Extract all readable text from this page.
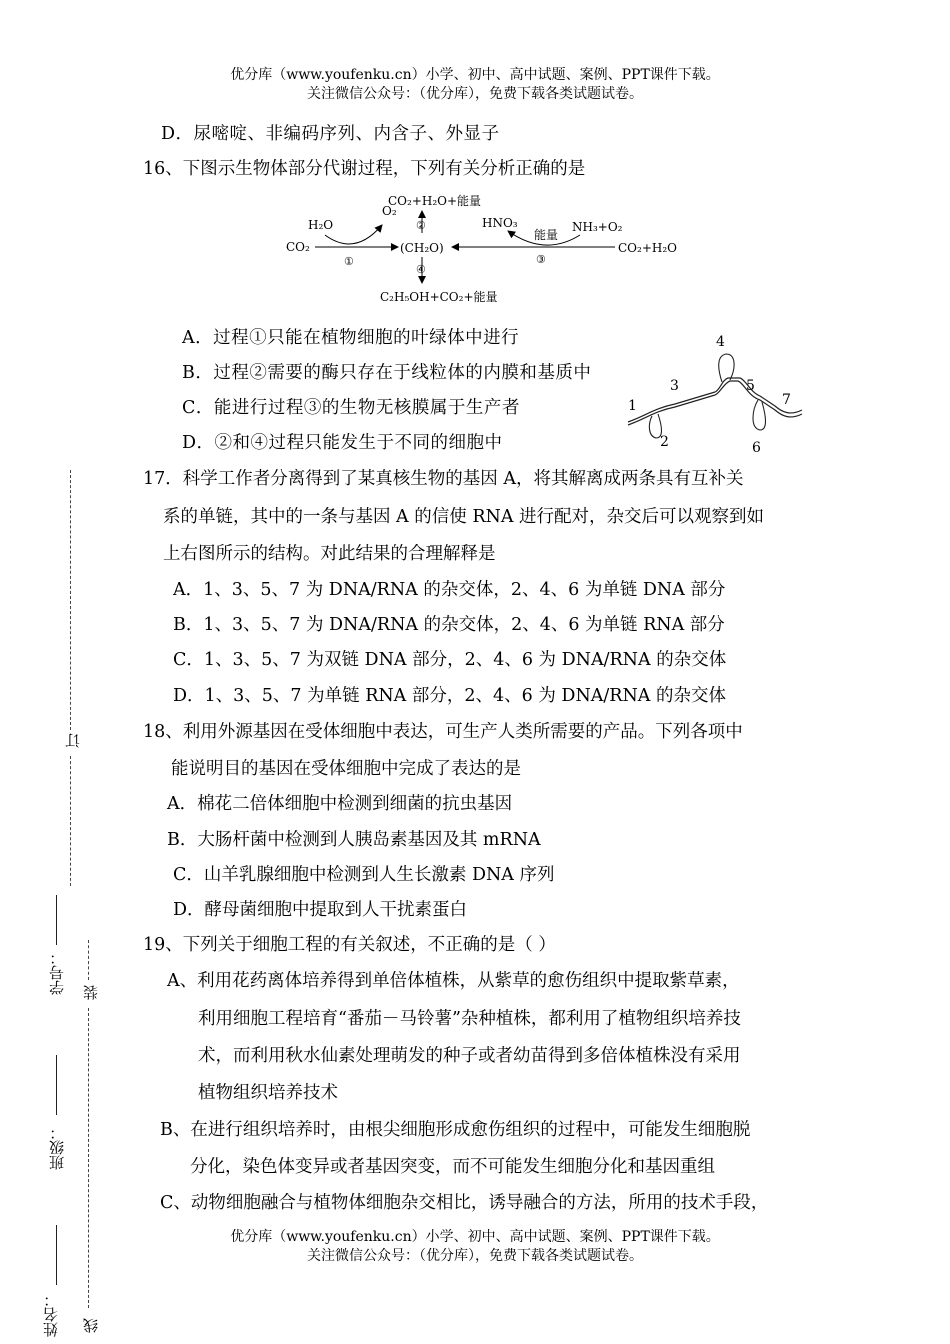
优分库（www.youfenku.cn）小学、初中、高中试题、案例、PPT课件下载。
关注微信公众号：（优分库），免费下载各类试题试卷。
D．尿嘧啶、非编码序列、内含子、外显子
16、下图示生物体部分代谢过程，下列有关分析正确的是
CO₂+H₂O+能量
②
CO₂
H₂O
O₂
①
(CH₂O)
④
C₂H₅OH+CO₂+能量
CO₂+H₂O
HNO₃
能量
NH₃+O₂
③
A．过程①只能在植物细胞的叶绿体中进行
B．过程②需要的酶只存在于线粒体的内膜和基质中
C．能进行过程③的生物无核膜属于生产者
D．②和④过程只能发生于不同的细胞中
1
2
3
4
5
6
7
17．科学工作者分离得到了某真核生物的基因 A，将其解离成两条具有互补关
系的单链，其中的一条与基因 A 的信使 RNA 进行配对，杂交后可以观察到如
上右图所示的结构。对此结果的合理解释是
A．1、3、5、7 为 DNA/RNA 的杂交体，2、4、6 为单链 DNA 部分
B．1、3、5、7 为 DNA/RNA 的杂交体，2、4、6 为单链 RNA 部分
C．1、3、5、7 为双链 DNA 部分，2、4、6 为 DNA/RNA 的杂交体
D．1、3、5、7 为单链 RNA 部分，2、4、6 为 DNA/RNA 的杂交体
18、利用外源基因在受体细胞中表达，可生产人类所需要的产品。下列各项中
能说明目的基因在受体细胞中完成了表达的是
A．棉花二倍体细胞中检测到细菌的抗虫基因
B．大肠杆菌中检测到人胰岛素基因及其 mRNA
C．山羊乳腺细胞中检测到人生长激素 DNA 序列
D．酵母菌细胞中提取到人干扰素蛋白
19、下列关于细胞工程的有关叙述，不正确的是（ ）
A、利用花药离体培养得到单倍体植株，从紫草的愈伤组织中提取紫草素，
利用细胞工程培育“番茄－马铃薯”杂种植株，都利用了植物组织培养技
术，而利用秋水仙素处理萌发的种子或者幼苗得到多倍体植株没有采用
植物组织培养技术
B、在进行组织培养时，由根尖细胞形成愈伤组织的过程中，可能发生细胞脱
分化，染色体变异或者基因突变，而不可能发生细胞分化和基因重组
C、动物细胞融合与植物体细胞杂交相比，诱导融合的方法，所用的技术手段，
优分库（www.youfenku.cn）小学、初中、高中试题、案例、PPT课件下载。
关注微信公众号：（优分库），免费下载各类试题试卷。
订
学号： 装
班级：
姓名： 线
